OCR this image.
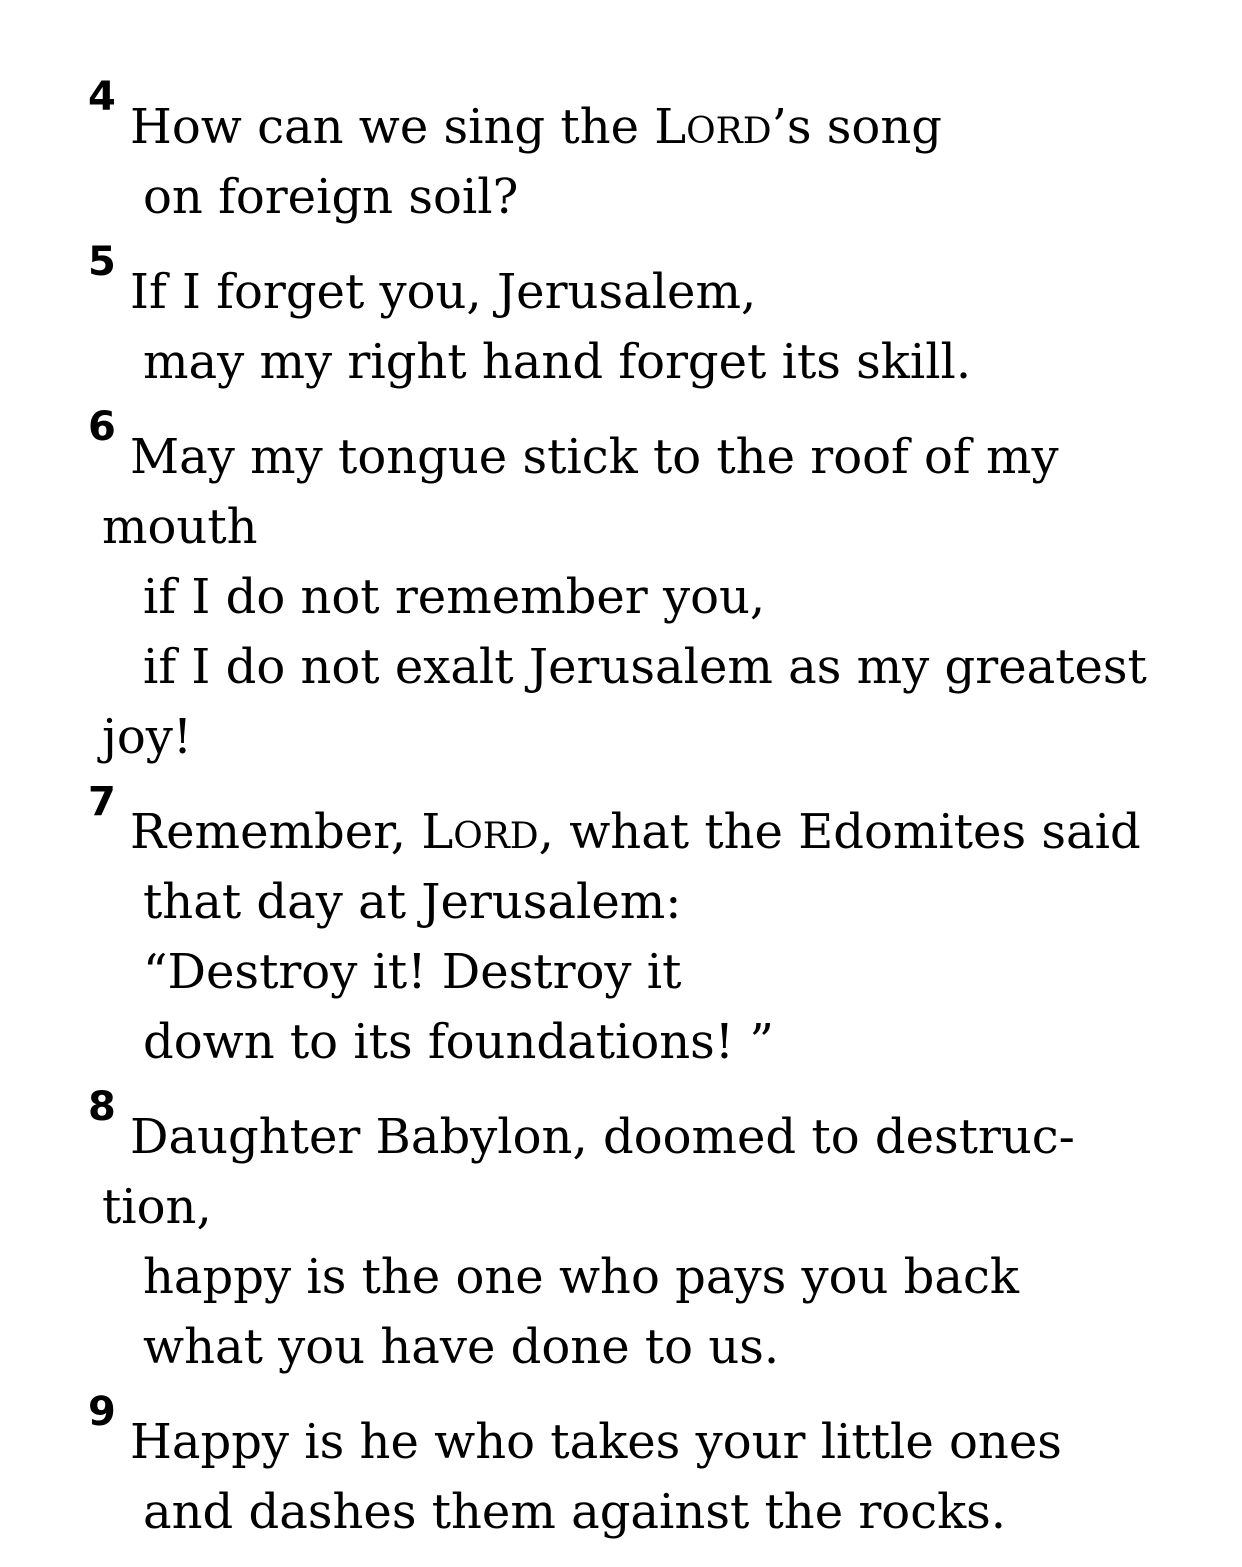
4How can we sing the LORD’s song
on foreign soil?
5If I forget you, Jerusalem,
may my right hand forget its skill.
6May my tongue stick to the roof of my
mouth
if I do not remember you,
if I do not exalt Jerusalem as my greatest
joy!
7Remember, LORD, what the Edomites said
that day at Jerusalem:
“Destroy it! Destroy it
down to its foundations! ”
8Daughter Babylon, doomed to destruc-
tion,
happy is the one who pays you back
what you have done to us.
9Happy is he who takes your little ones
and dashes them against the rocks.
